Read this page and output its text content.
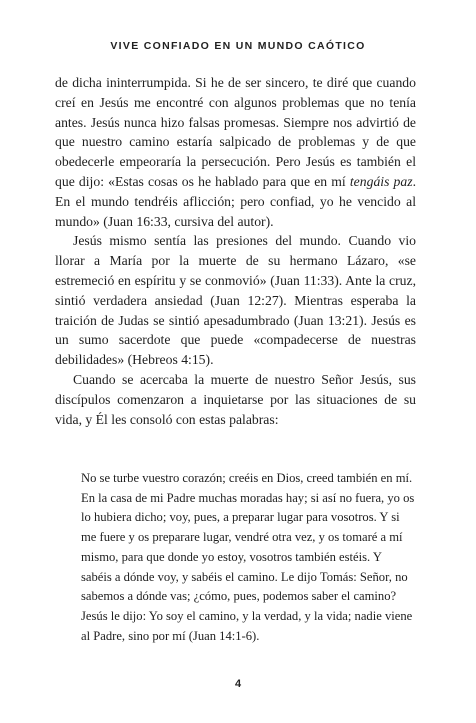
VIVE CONFIADO EN UN MUNDO CAÓTICO

de dicha ininterrumpida. Si he de ser sincero, te diré que cuando creí en Jesús me encontré con algunos problemas que no tenía antes. Jesús nunca hizo falsas promesas. Siempre nos advirtió de que nuestro camino estaría salpicado de problemas y de que obedecerle empeoraría la persecución. Pero Jesús es también el que dijo: «Estas cosas os he hablado para que en mí tengáis paz. En el mundo tendréis aflicción; pero confiad, yo he vencido al mundo» (Juan 16:33, cursiva del autor).

Jesús mismo sentía las presiones del mundo. Cuando vio llorar a María por la muerte de su hermano Lázaro, «se estremeció en espíritu y se conmovió» (Juan 11:33). Ante la cruz, sintió verdadera ansiedad (Juan 12:27). Mientras esperaba la traición de Judas se sintió apesadumbrado (Juan 13:21). Jesús es un sumo sacerdote que puede «compadecerse de nuestras debilidades» (Hebreos 4:15).

Cuando se acercaba la muerte de nuestro Señor Jesús, sus discípulos comenzaron a inquietarse por las situaciones de su vida, y Él les consoló con estas palabras:

No se turbe vuestro corazón; creéis en Dios, creed también en mí. En la casa de mi Padre muchas moradas hay; si así no fuera, yo os lo hubiera dicho; voy, pues, a preparar lugar para vosotros. Y si me fuere y os preparare lugar, vendré otra vez, y os tomaré a mí mismo, para que donde yo estoy, vosotros también estéis. Y sabéis a dónde voy, y sabéis el camino. Le dijo Tomás: Señor, no sabemos a dónde vas; ¿cómo, pues, podemos saber el camino? Jesús le dijo: Yo soy el camino, y la verdad, y la vida; nadie viene al Padre, sino por mí (Juan 14:1-6).

4
